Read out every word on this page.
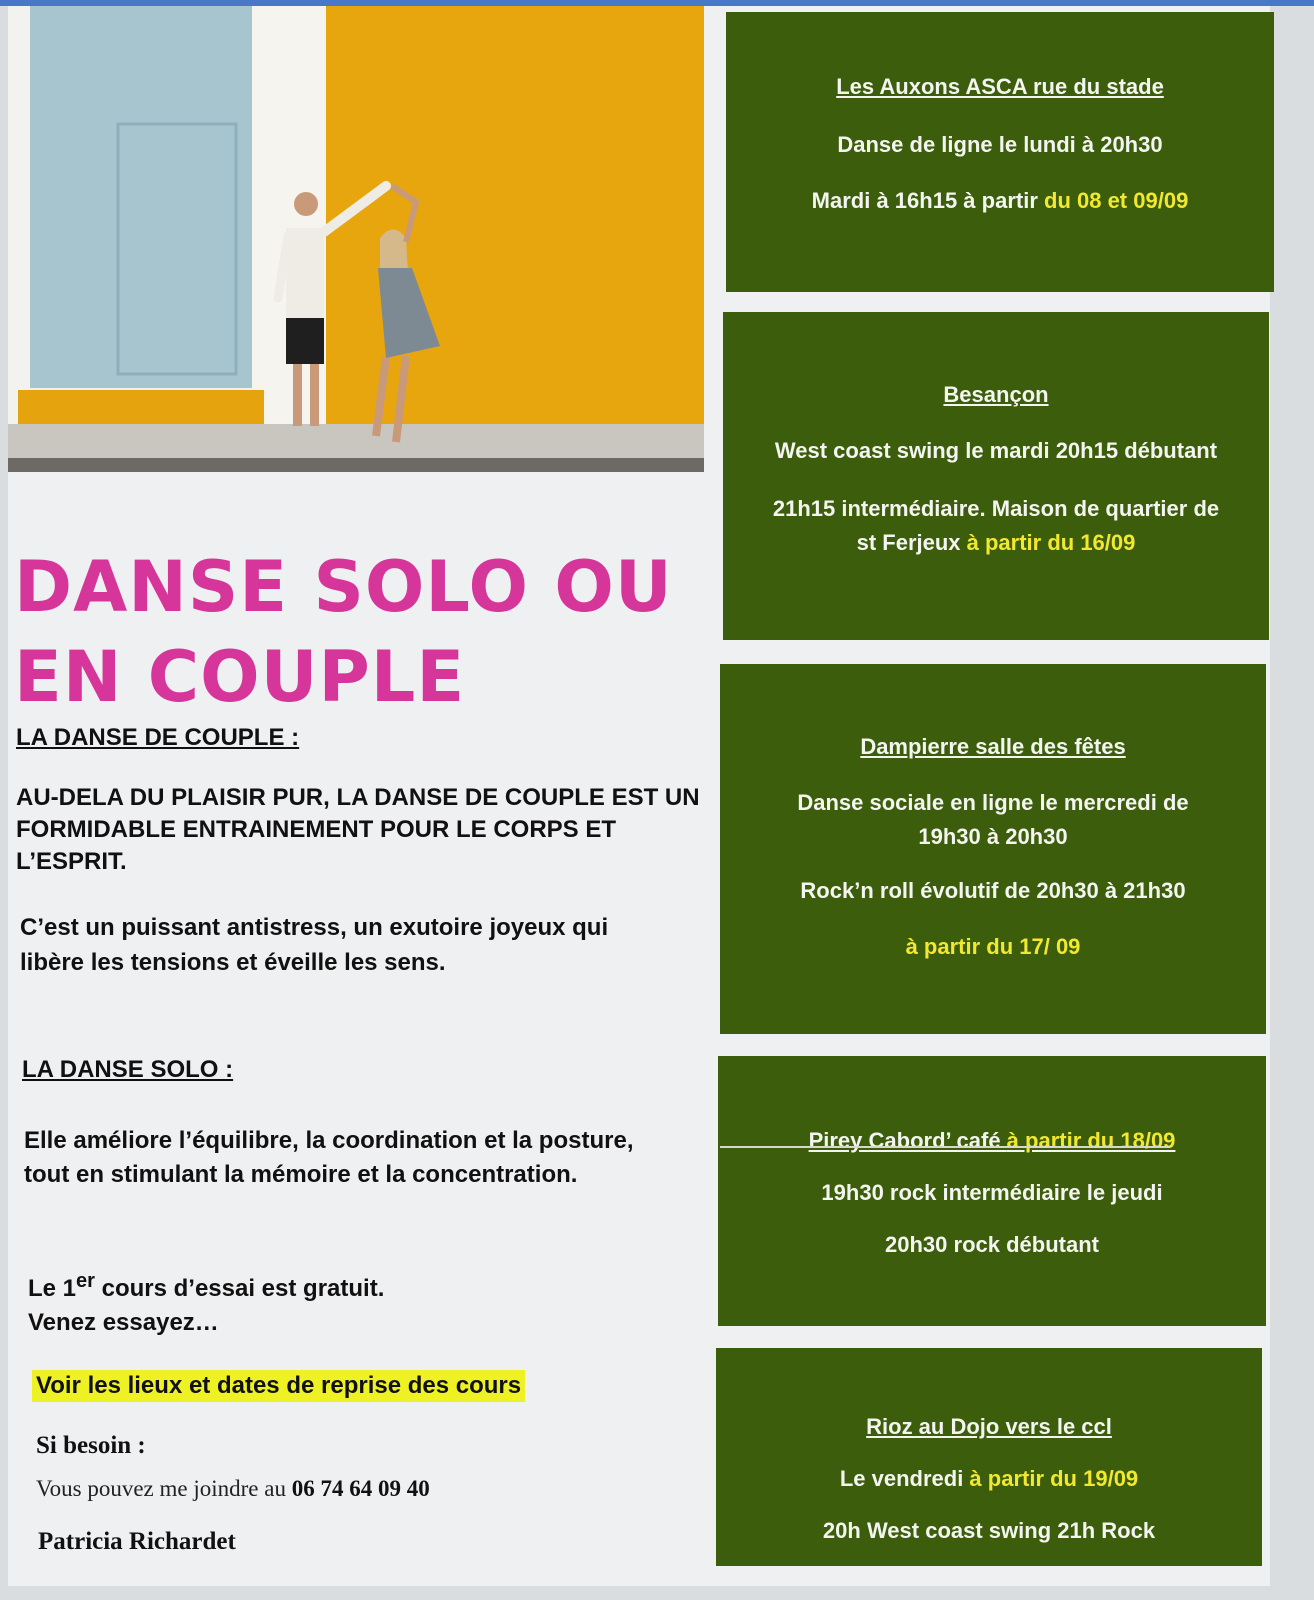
DANSE SOLO OU EN COUPLE

LA DANSE DE COUPLE :

AU-DELA DU PLAISIR PUR, LA DANSE DE COUPLE EST UN FORMIDABLE ENTRAINEMENT POUR LE CORPS ET L’ESPRIT.

C’est un puissant antistress, un exutoire joyeux qui libère les tensions et éveille les sens.

LA DANSE SOLO :

Elle améliore l’équilibre, la coordination et la posture, tout en stimulant la mémoire et la concentration.

Le 1er cours d’essai est gratuit.
Venez essayez…

Voir les lieux et dates de reprise des cours

Si besoin :

Vous pouvez me joindre au 06 74 64 09 40

Patricia Richardet

Les Auxons ASCA rue du stade

Danse de ligne le lundi à 20h30

Mardi à 16h15 à partir du 08 et 09/09

Besançon

West coast swing le mardi 20h15 débutant

21h15 intermédiaire. Maison de quartier de

st Ferjeux à partir du 16/09

Dampierre salle des fêtes

Danse sociale en ligne le mercredi de

19h30 à 20h30

Rock’n roll évolutif de 20h30 à 21h30

à partir du 17/ 09

Pirey Cabord’ café à partir du 18/09

19h30 rock intermédiaire le jeudi

20h30 rock débutant

Rioz au Dojo vers le ccl

Le vendredi à partir du 19/09

20h West coast swing 21h Rock
